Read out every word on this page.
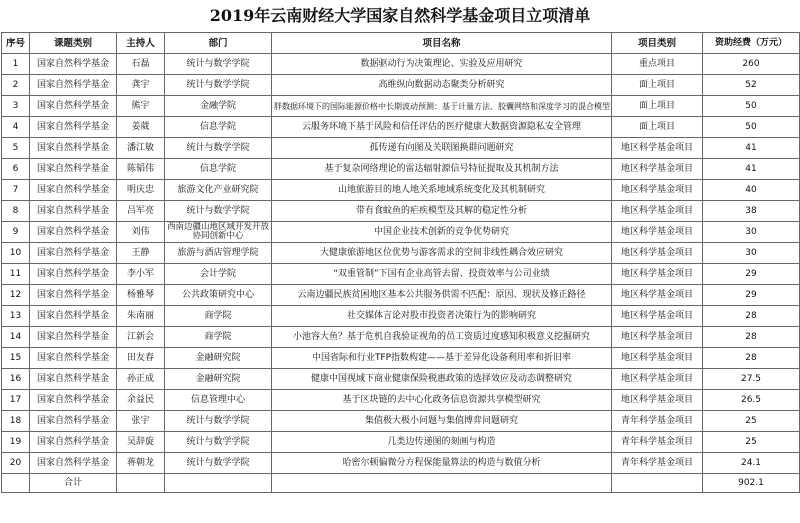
2019年云南财经大学国家自然科学基金项目立项清单
序号	课题类别	主持人	部门	项目名称	项目类别	资助经费（万元）
1	国家自然科学基金	石磊	统计与数学学院	数据驱动行为决策理论、实验及应用研究	重点项目	260
2	国家自然科学基金	龚宇	统计与数学学院	高维纵向数据动态聚类分析研究	面上项目	52
3	国家自然科学基金	熊宇	金融学院	胖数据环境下的国际能源价格中长期波动预测：基于计量方法、胶囊网络和深度学习的混合模型	面上项目	50
4	国家自然科学基金	姜葳	信息学院	云服务环境下基于风险和信任评估的医疗健康大数据资源隐私安全管理	面上项目	50
5	国家自然科学基金	潘江敏	统计与数学学院	孤传递有向图及关联图换群问题研究	地区科学基金项目	41
6	国家自然科学基金	陈韬伟	信息学院	基于复杂网络理论的雷达辐射源信号特征提取及其机制方法	地区科学基金项目	41
7	国家自然科学基金	明庆忠	旅游文化产业研究院	山地旅游目的地人地关系地域系统变化及其机制研究	地区科学基金项目	40
8	国家自然科学基金	吕军亮	统计与数学学院	带有食蚊鱼的疟疾模型及其解的稳定性分析	地区科学基金项目	38
9	国家自然科学基金	刘伟	西南边疆山地区域开发开放协同创新中心	中国企业技术创新的竞争优势研究	地区科学基金项目	30
10	国家自然科学基金	王静	旅游与酒店管理学院	大健康旅游地区位优势与游客需求的空间非线性耦合效应研究	地区科学基金项目	30
11	国家自然科学基金	李小军	会计学院	“双重管制”下国有企业高管去留、投资效率与公司业绩	地区科学基金项目	29
12	国家自然科学基金	杨雅琴	公共政策研究中心	云南边疆民族贫困地区基本公共服务供需不匹配：原因、现状及修正路径	地区科学基金项目	29
13	国家自然科学基金	朱南丽	商学院	社交媒体言论对股市投资者决策行为的影响研究	地区科学基金项目	28
14	国家自然科学基金	江新会	商学院	小池容大鱼？基于危机自我验证视角的员工资质过度感知积极意义挖掘研究	地区科学基金项目	28
15	国家自然科学基金	田友春	金融研究院	中国省际和行业TFP指数构建——基于差异化设备利用率和折旧率	地区科学基金项目	28
16	国家自然科学基金	孙正成	金融研究院	健康中国视域下商业健康保险税惠政策的选择效应及动态调整研究	地区科学基金项目	27.5
17	国家自然科学基金	余益民	信息管理中心	基于区块链的去中心化政务信息资源共享模型研究	地区科学基金项目	26.5
18	国家自然科学基金	张宇	统计与数学学院	集值极大极小问题与集值博弈问题研究	青年科学基金项目	25
19	国家自然科学基金	吴辞旋	统计与数学学院	几类边传递图的刻画与构造	青年科学基金项目	25
20	国家自然科学基金	蒋朝龙	统计与数学学院	哈密尔顿偏微分方程保能量算法的构造与数值分析	青年科学基金项目	24.1
	合计					902.1
